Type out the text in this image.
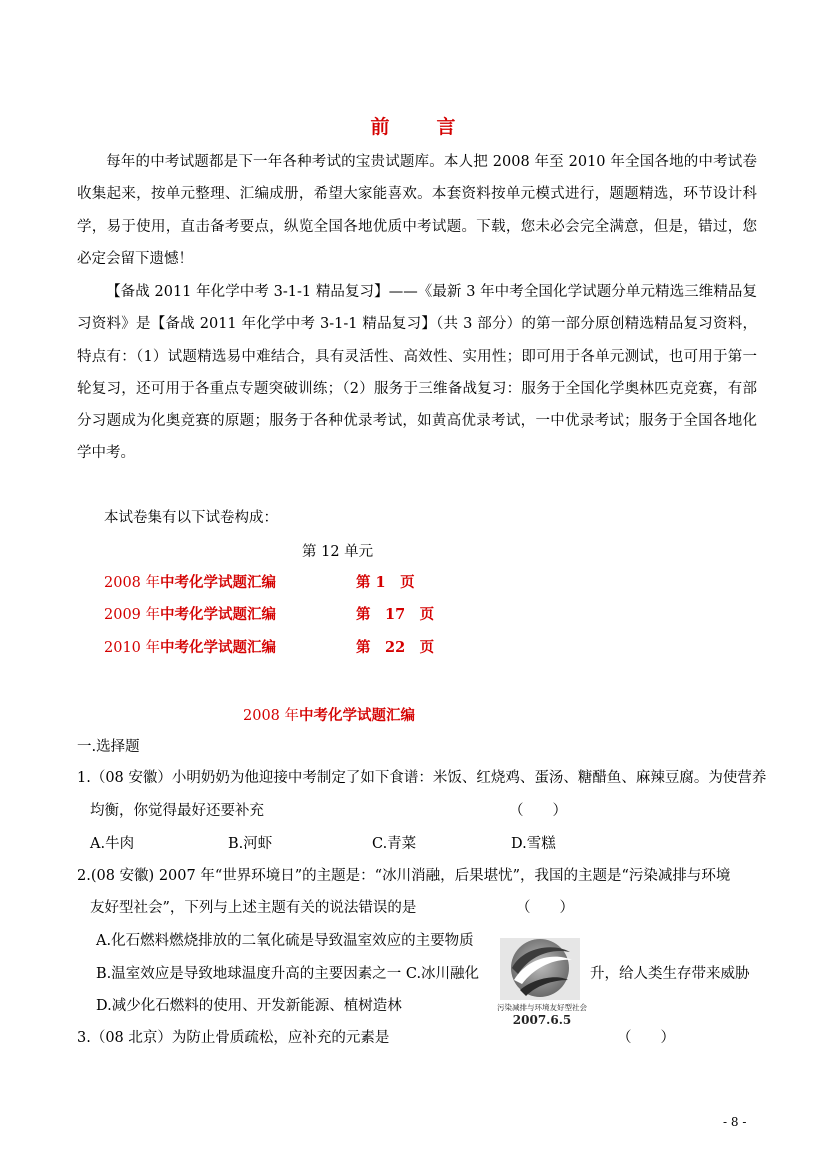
前 言
每年的中考试题都是下一年各种考试的宝贵试题库。本人把 2008 年至 2010 年全国各地的中考试卷收集起来，按单元整理、汇编成册，希望大家能喜欢。本套资料按单元模式进行，题题精选，环节设计科学，易于使用，直击备考要点，纵览全国各地优质中考试题。下载，您未必会完全满意，但是，错过，您必定会留下遗憾！
【备战 2011 年化学中考 3-1-1 精品复习】——《最新 3 年中考全国化学试题分单元精选三维精品复习资料》是【备战 2011 年化学中考 3-1-1 精品复习】（共 3 部分）的第一部分原创精选精品复习资料，特点有：（1）试题精选易中难结合，具有灵活性、高效性、实用性；即可用于各单元测试，也可用于第一轮复习，还可用于各重点专题突破训练；（2）服务于三维备战复习：服务于全国化学奥林匹克竞赛，有部分习题成为化奥竞赛的原题；服务于各种优录考试，如黄高优录考试，一中优录考试；服务于全国各地化学中考。
本试卷集有以下试卷构成：
第 12 单元
2008 年中考化学试题汇编	第 1　页
2009 年中考化学试题汇编	第　17　页
2010 年中考化学试题汇编	第　22　页
2008 年中考化学试题汇编
一.选择题
1.（08 安徽）小明奶奶为他迎接中考制定了如下食谱：米饭、红烧鸡、蛋汤、糖醋鱼、麻辣豆腐。为使营养
均衡，你觉得最好还要补充	（　　）
A.牛肉	B.河虾	C.青菜	D.雪糕
2.(08 安徽) 2007 年“世界环境日”的主题是：“冰川消融，后果堪忧”，我国的主题是“污染减排与环境
友好型社会”，下列与上述主题有关的说法错误的是	（　　）
A.化石燃料燃烧排放的二氧化硫是导致温室效应的主要物质
B.温室效应是导致地球温度升高的主要因素之一 C.冰川融化	升，给人类生存带来威胁
D.减少化石燃料的使用、开发新能源、植树造林	污染减排与环境友好型社会
2007.6.5
3.（08 北京）为防止骨质疏松，应补充的元素是	（　　）
- 8 -
